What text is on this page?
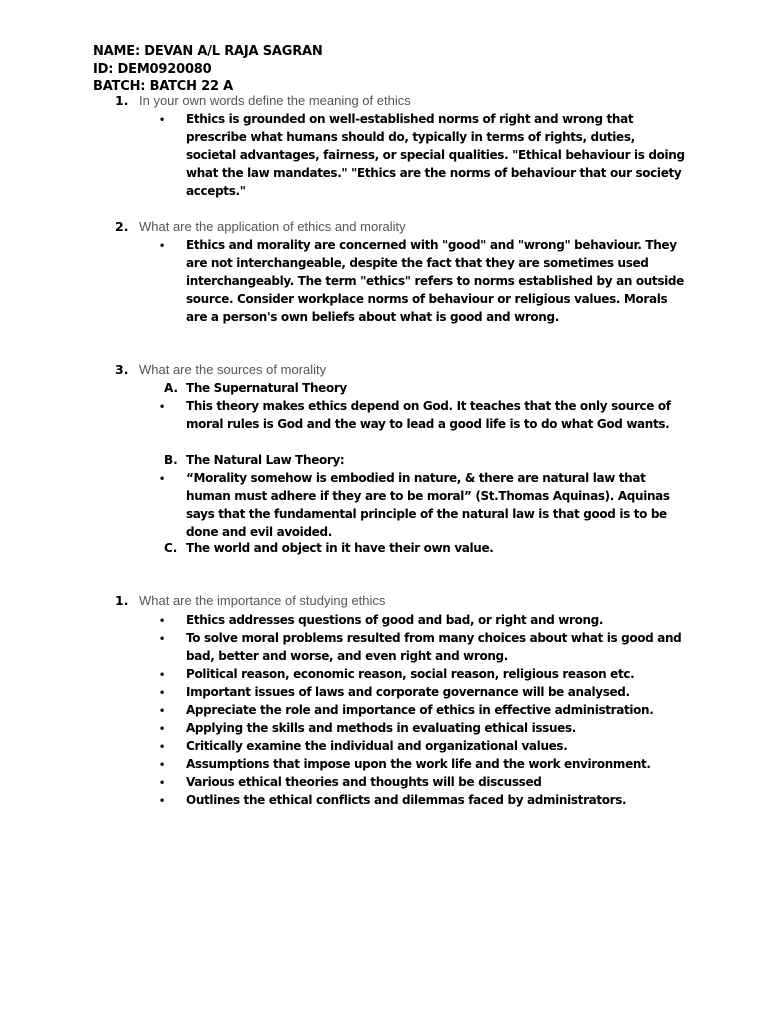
NAME: DEVAN A/L RAJA SAGRAN
ID: DEM0920080
BATCH: BATCH 22 A
1. In your own words define the meaning of ethics
• Ethics is grounded on well-established norms of right and wrong that prescribe what humans should do, typically in terms of rights, duties, societal advantages, fairness, or special qualities. "Ethical behaviour is doing what the law mandates." "Ethics are the norms of behaviour that our society accepts."
2. What are the application of ethics and morality
• Ethics and morality are concerned with "good" and "wrong" behaviour. They are not interchangeable, despite the fact that they are sometimes used interchangeably. The term "ethics" refers to norms established by an outside source. Consider workplace norms of behaviour or religious values. Morals are a person's own beliefs about what is good and wrong.
3. What are the sources of morality
A. The Supernatural Theory
• This theory makes ethics depend on God. It teaches that the only source of moral rules is God and the way to lead a good life is to do what God wants.
B. The Natural Law Theory:
• “Morality somehow is embodied in nature, & there are natural law that human must adhere if they are to be moral” (St.Thomas Aquinas). Aquinas says that the fundamental principle of the natural law is that good is to be done and evil avoided.
C. The world and object in it have their own value.
1. What are the importance of studying ethics
• Ethics addresses questions of good and bad, or right and wrong.
• To solve moral problems resulted from many choices about what is good and bad, better and worse, and even right and wrong.
• Political reason, economic reason, social reason, religious reason etc.
• Important issues of laws and corporate governance will be analysed.
• Appreciate the role and importance of ethics in effective administration.
• Applying the skills and methods in evaluating ethical issues.
• Critically examine the individual and organizational values.
• Assumptions that impose upon the work life and the work environment.
• Various ethical theories and thoughts will be discussed
• Outlines the ethical conflicts and dilemmas faced by administrators.
